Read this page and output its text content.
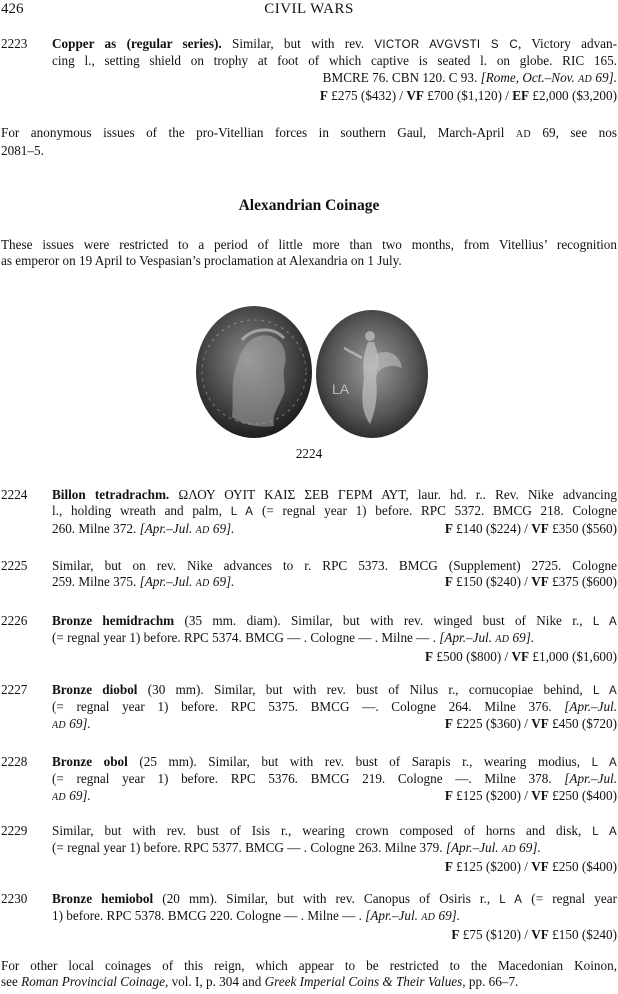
426	CIVIL WARS
2223 Copper as (regular series). Similar, but with rev. VICTOR AVGVSTI S C, Victory advan-
cing l., setting shield on trophy at foot of which captive is seated l. on globe. RIC 165.
BMCRE 76. CBN 120. C 93. [Rome, Oct.–Nov. AD 69].
F £275 ($432) / VF £700 ($1,120) / EF £2,000 ($3,200)
For anonymous issues of the pro-Vitellian forces in southern Gaul, March-April AD 69, see nos
2081–5.
Alexandrian Coinage
These issues were restricted to a period of little more than two months, from Vitellius’ recognition
as emperor on 19 April to Vespasian’s proclamation at Alexandria on 1 July.
LA
2224
2224 Billon tetradrachm. ΩΛΟΥ ΟΥΙΤ ΚΑΙΣ ΣΕΒ ΓΕΡΜ ΑΥΤ, laur. hd. r.. Rev. Nike advancing
l., holding wreath and palm, L A (= regnal year 1) before. RPC 5372. BMCG 218. Cologne
260. Milne 372. [Apr.–Jul. AD 69].	F £140 ($224) / VF £350 ($560)
2225 Similar, but on rev. Nike advances to r. RPC 5373. BMCG (Supplement) 2725. Cologne
259. Milne 375. [Apr.–Jul. AD 69].	F £150 ($240) / VF £375 ($600)
2226 Bronze hemidrachm (35 mm. diam). Similar, but with rev. winged bust of Nike r., L A
(= regnal year 1) before. RPC 5374. BMCG — . Cologne — . Milne — . [Apr.–Jul. AD 69].
F £500 ($800) / VF £1,000 ($1,600)
2227 Bronze diobol (30 mm). Similar, but with rev. bust of Nilus r., cornucopiae behind, L A
(= regnal year 1) before. RPC 5375. BMCG —. Cologne 264. Milne 376. [Apr.–Jul.
AD 69].	F £225 ($360) / VF £450 ($720)
2228 Bronze obol (25 mm). Similar, but with rev. bust of Sarapis r., wearing modius, L A
(= regnal year 1) before. RPC 5376. BMCG 219. Cologne —. Milne 378. [Apr.–Jul.
AD 69].	F £125 ($200) / VF £250 ($400)
2229 Similar, but with rev. bust of Isis r., wearing crown composed of horns and disk, L A
(= regnal year 1) before. RPC 5377. BMCG — . Cologne 263. Milne 379. [Apr.–Jul. AD 69].
F £125 ($200) / VF £250 ($400)
2230 Bronze hemiobol (20 mm). Similar, but with rev. Canopus of Osiris r., L A (= regnal year
1) before. RPC 5378. BMCG 220. Cologne — . Milne — . [Apr.–Jul. AD 69].
F £75 ($120) / VF £150 ($240)
For other local coinages of this reign, which appear to be restricted to the Macedonian Koinon,
see Roman Provincial Coinage, vol. I, p. 304 and Greek Imperial Coins & Their Values, pp. 66–7.
